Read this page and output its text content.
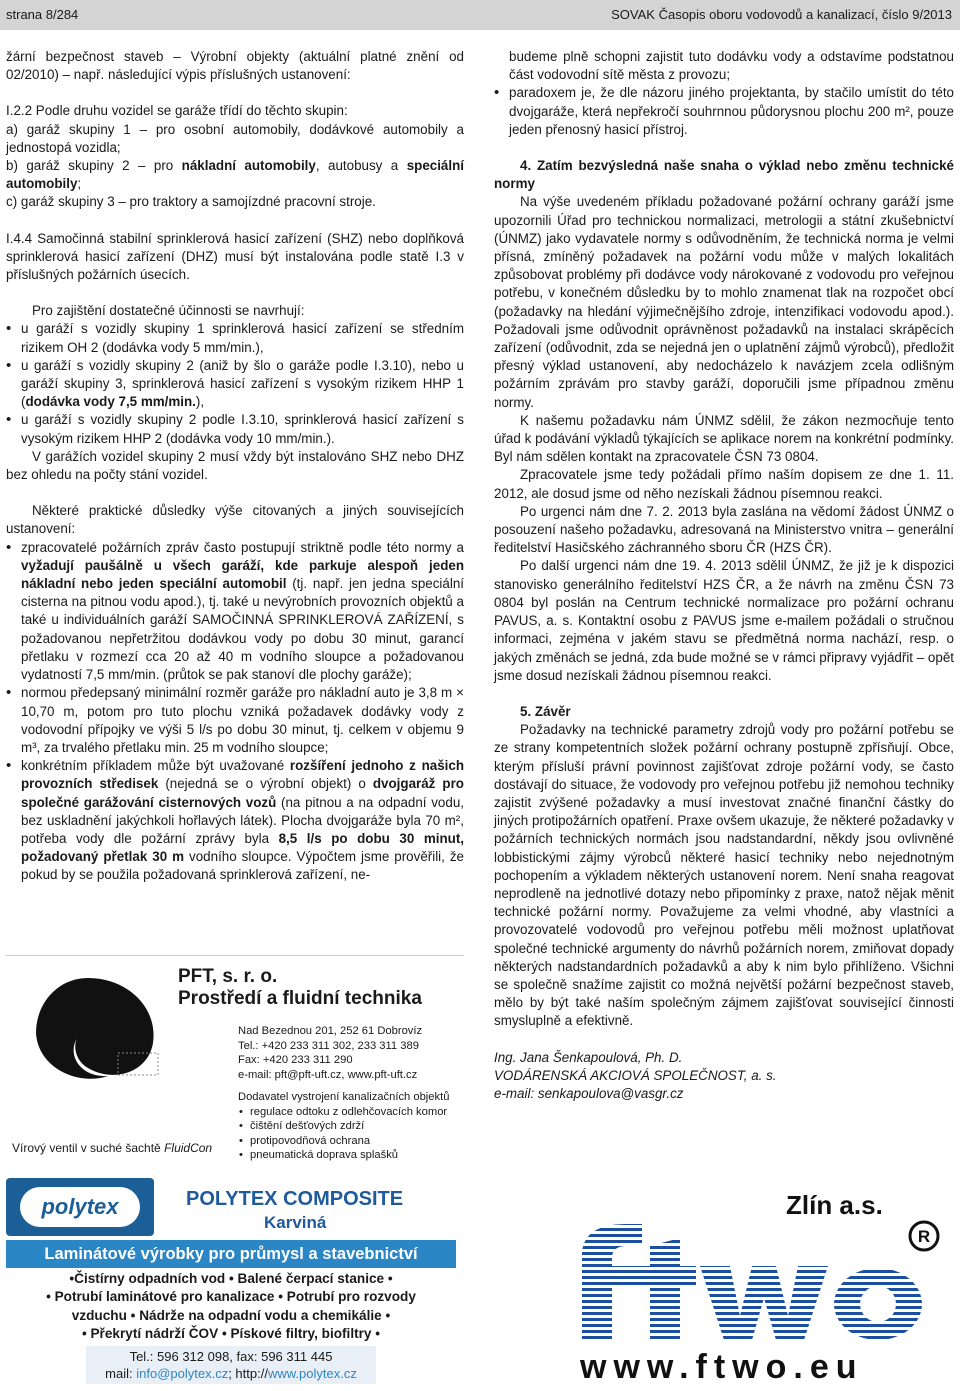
strana 8/284	SOVAK Časopis oboru vodovodů a kanalizací, číslo 9/2013

žární bezpečnost staveb – Výrobní objekty (aktuální platné znění od 02/2010) – např. následující výpis příslušných ustanovení:

I.2.2 Podle druhu vozidel se garáže třídí do těchto skupin:

a) garáž skupiny 1 – pro osobní automobily, dodávkové automobily a jednostopá vozidla;

b) garáž skupiny 2 – pro nákladní automobily, autobusy a speciální automobily;

c) garáž skupiny 3 – pro traktory a samojízdné pracovní stroje.

I.4.4 Samočinná stabilní sprinklerová hasicí zařízení (SHZ) nebo doplňková sprinklerová hasicí zařízení (DHZ) musí být instalována podle statě I.3 v příslušných požárních úsecích.

Pro zajištění dostatečné účinnosti se navrhují:

• u garáží s vozidly skupiny 1 sprinklerová hasicí zařízení se středním rizikem OH 2 (dodávka vody 5 mm/min.),
• u garáží s vozidly skupiny 2 (aniž by šlo o garáže podle I.3.10), nebo u garáží skupiny 3, sprinklerová hasicí zařízení s vysokým rizikem HHP 1 (dodávka vody 7,5 mm/min.),
• u garáží s vozidly skupiny 2 podle I.3.10, sprinklerová hasicí zařízení s vysokým rizikem HHP 2 (dodávka vody 10 mm/min.).

V garážích vozidel skupiny 2 musí vždy být instalováno SHZ nebo DHZ bez ohledu na počty stání vozidel.

Některé praktické důsledky výše citovaných a jiných souvisejících ustanovení:

• zpracovatelé požárních zpráv často postupují striktně podle této normy a vyžadují paušálně u všech garáží, kde parkuje alespoň jeden nákladní nebo jeden speciální automobil (tj. např. jen jedna speciální cisterna na pitnou vodu apod.), tj. také u nevýrobních provozních objektů a také u individuálních garáží SAMOČINNÁ SPRINKLEROVÁ ZAŘÍZENÍ, s požadovanou nepřetržitou dodávkou vody po dobu 30 minut, garancí přetlaku v rozmezí cca 20 až 40 m vodního sloupce a požadovanou vydatností 7,5 mm/min. (průtok se pak stanoví dle plochy garáže);
• normou předepsaný minimální rozměr garáže pro nákladní auto je 3,8 m × 10,70 m, potom pro tuto plochu vzniká požadavek dodávky vody z vodovodní přípojky ve výši 5 l/s po dobu 30 minut, tj. celkem v objemu 9 m³, za trvalého přetlaku min. 25 m vodního sloupce;
• konkrétním příkladem může být uvažované rozšíření jednoho z našich provozních středisek (nejedná se o výrobní objekt) o dvojgaráž pro společné garážování cisternových vozů (na pitnou a na odpadní vodu, bez uskladnění jakýchkoli hořlavých látek). Plocha dvojgaráže byla 70 m², potřeba vody dle požární zprávy byla 8,5 l/s po dobu 30 minut, požadovaný přetlak 30 m vodního sloupce. Výpočtem jsme prověřili, že pokud by se použila požadovaná sprinklerová zařízení, ne-

budeme plně schopni zajistit tuto dodávku vody a odstavíme podstatnou část vodovodní sítě města z provozu;

• paradoxem je, že dle názoru jiného projektanta, by stačilo umístit do této dvojgaráže, která nepřekročí souhrnnou půdorysnou plochu 200 m², pouze jeden přenosný hasicí přístroj.

4. Zatím bezvýsledná naše snaha o výklad nebo změnu technické normy

Na výše uvedeném příkladu požadované požární ochrany garáží jsme upozornili Úřad pro technickou normalizaci, metrologii a státní zkušebnictví (ÚNMZ) jako vydavatele normy s odůvodněním, že technická norma je velmi přísná, zmíněný požadavek na požární vodu může v malých lokalitách způsobovat problémy při dodávce vody nárokované z vodovodu pro veřejnou potřebu, v konečném důsledku by to mohlo znamenat tlak na rozpočet obcí (požadavky na hledání výjimečnějšího zdroje, intenzifikaci vodovodu apod.). Požadovali jsme odůvodnit oprávněnost požadavků na instalaci skrápěcích zařízení (odůvodnit, zda se nejedná jen o uplatnění zájmů výrobců), předložit přesný výklad ustanovení, aby nedocházelo k navázjem zcela odlišným požárním zprávám pro stavby garáží, doporučili jsme případnou změnu normy.

K našemu požadavku nám ÚNMZ sdělil, že zákon nezmocňuje tento úřad k podávání výkladů týkajících se aplikace norem na konkrétní podmínky. Byl nám sdělen kontakt na zpracovatele ČSN 73 0804.

Zpracovatele jsme tedy požádali přímo naším dopisem ze dne 1. 11. 2012, ale dosud jsme od něho nezískali žádnou písemnou reakci.

Po urgenci nám dne 7. 2. 2013 byla zaslána na vědomí žádost ÚNMZ o posouzení našeho požadavku, adresovaná na Ministerstvo vnitra – generální ředitelství Hasičského záchranného sboru ČR (HZS ČR).

Po další urgenci nám dne 19. 4. 2013 sdělil ÚNMZ, že již je k dispozici stanovisko generálního ředitelství HZS ČR, a že návrh na změnu ČSN 73 0804 byl poslán na Centrum technické normalizace pro požární ochranu PAVUS, a. s. Kontaktní osobu z PAVUS jsme e-mailem požádali o stručnou informaci, zejména v jakém stavu se předmětná norma nachází, resp. o jakých změnách se jedná, zda bude možné se v rámci připravy vyjádřit – opět jsme dosud nezískali žádnou písemnou reakci.

5. Závěr

Požadavky na technické parametry zdrojů vody pro požární potřebu se ze strany kompetentních složek požární ochrany postupně zpřísňují. Obce, kterým přísluší právní povinnost zajišťovat zdroje požární vody, se často dostávají do situace, že vodovody pro veřejnou potřebu již nemohou techniky zajistit zvýšené požadavky a musí investovat značné finanční částky do jiných protipožárních opatření. Praxe ovšem ukazuje, že některé požadavky v požárních technických normách jsou nadstandardní, někdy jsou ovlivněné lobbistickými zájmy výrobců některé hasicí techniky nebo nejednotným pochopením a výkladem některých ustanovení norem. Není snaha reagovat neprodleně na jednotlivé dotazy nebo připomínky z praxe, natož nějak měnit technické požární normy. Považujeme za velmi vhodné, aby vlastníci a provozovatelé vodovodů pro veřejnou potřebu měli možnost uplatňovat společné technické argumenty do návrhů požárních norem, zmiňovat dopady některých nadstandardních požadavků a aby k nim bylo přihlíženo. Všichni se společně snažíme zajistit co možná největší požární bezpečnost staveb, mělo by být také naším společným zájmem zajišťovat související činnosti smysluplně a efektivně.

Ing. Jana Šenkapoulová, Ph. D.

VODÁRENSKÁ AKCIOVÁ SPOLEČNOST, a. s.

e-mail: senkapoulova@vasgr.cz

Vírový ventil v suché šachtě FluidCon
PFT, s. r. o.
Prostředí a fluidní technika
Nad Bezednou 201, 252 61 Dobrovíz
Tel.: +420 233 311 302, 233 311 389
Fax: +420 233 311 290
e-mail: pft@pft-uft.cz, www.pft-uft.cz
Dodavatel vystrojení kanalizačních objektů
• regulace odtoku z odlehčovacích komor
• čištění dešťových zdrží
• protipovodňová ochrana
• pneumatická doprava splašků
polytex	POLYTEX COMPOSITE
Karviná
Laminátové výrobky pro průmysl a stavebnictví
•Čistírny odpadních vod • Balené čerpací stanice •
• Potrubí laminátové pro kanalizace • Potrubí pro rozvody
vzduchu • Nádrže na odpadní vodu a chemikálie •
• Překrytí nádrží ČOV • Pískové filtry, biofiltry •
Tel.: 596 312 098, fax: 596 311 445
mail: info@polytex.cz; http://www.polytex.cz
Zlín a.s.
R
www.ftwo.eu
